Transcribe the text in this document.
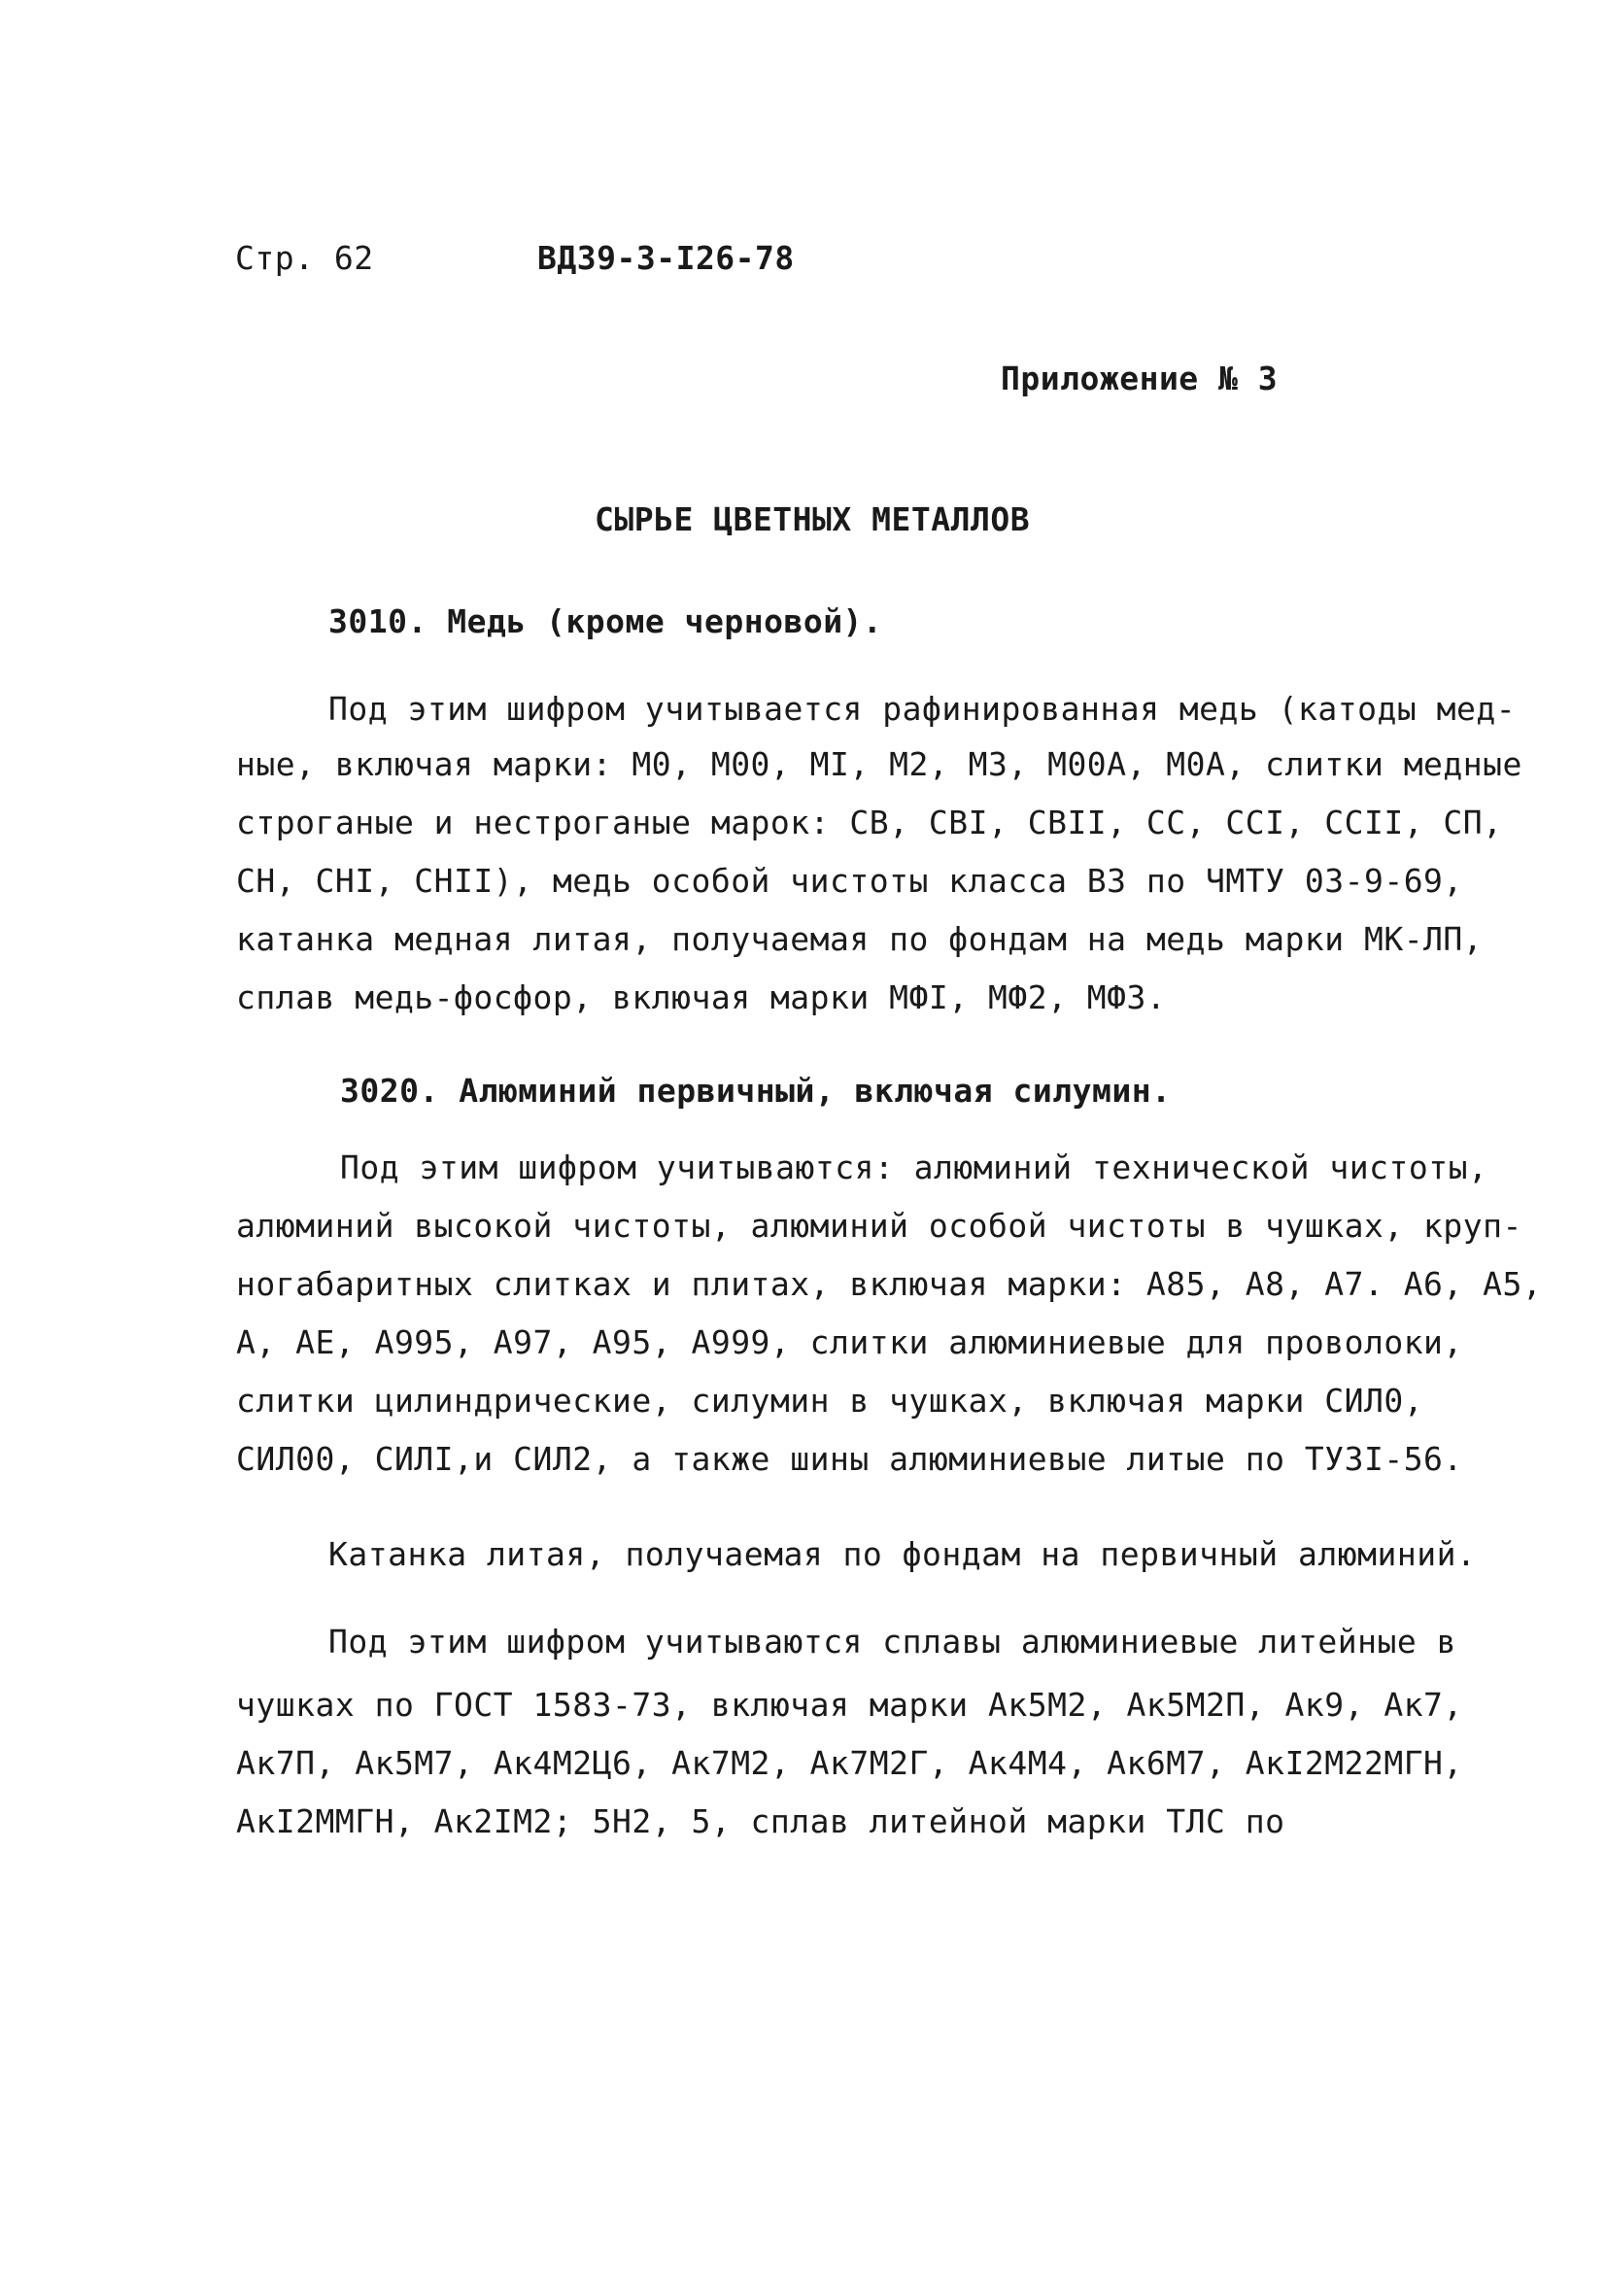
Стр. 62	ВД39-3-I26-78
Приложение № 3
СЫРЬЕ ЦВЕТНЫХ МЕТАЛЛОВ
3010. Медь (кроме черновой).
Под этим шифром учитывается рафинированная медь (катоды мед-
ные, включая марки: М0, М00, МI, М2, М3, М00А, М0А, слитки медные
строганые и нестроганые марок: СВ, СВI, СВII, СС, ССI, ССII, СП,
СН, СНI, СНII), медь особой чистоты класса В3 по ЧМТУ 03-9-69,
катанка медная литая, получаемая по фондам на медь марки МК-ЛП,
сплав медь-фосфор, включая марки МФI, МФ2, МФ3.
3020. Алюминий первичный, включая силумин.
Под этим шифром учитываются: алюминий технической чистоты,
алюминий высокой чистоты, алюминий особой чистоты в чушках, круп-
ногабаритных слитках и плитах, включая марки: А85, А8, А7. А6, А5,
А, АЕ, А995, А97, А95, А999, слитки алюминиевые для проволоки,
слитки цилиндрические, силумин в чушках, включая марки СИЛ0,
СИЛ00, СИЛI,и СИЛ2, а также шины алюминиевые литые по ТУ3I-56.
Катанка литая, получаемая по фондам на первичный алюминий.
Под этим шифром учитываются сплавы алюминиевые литейные в
чушках по ГОСТ 1583-73, включая марки Ак5М2, Ак5М2П, Ак9, Ак7,
Ак7П, Ак5М7, Ак4М2Ц6, Ак7М2, Ак7М2Г, Ак4М4, Ак6М7, АкI2М22МГН,
АкI2ММГН, Ак2IМ2; 5Н2, 5, сплав литейной марки ТЛС по
